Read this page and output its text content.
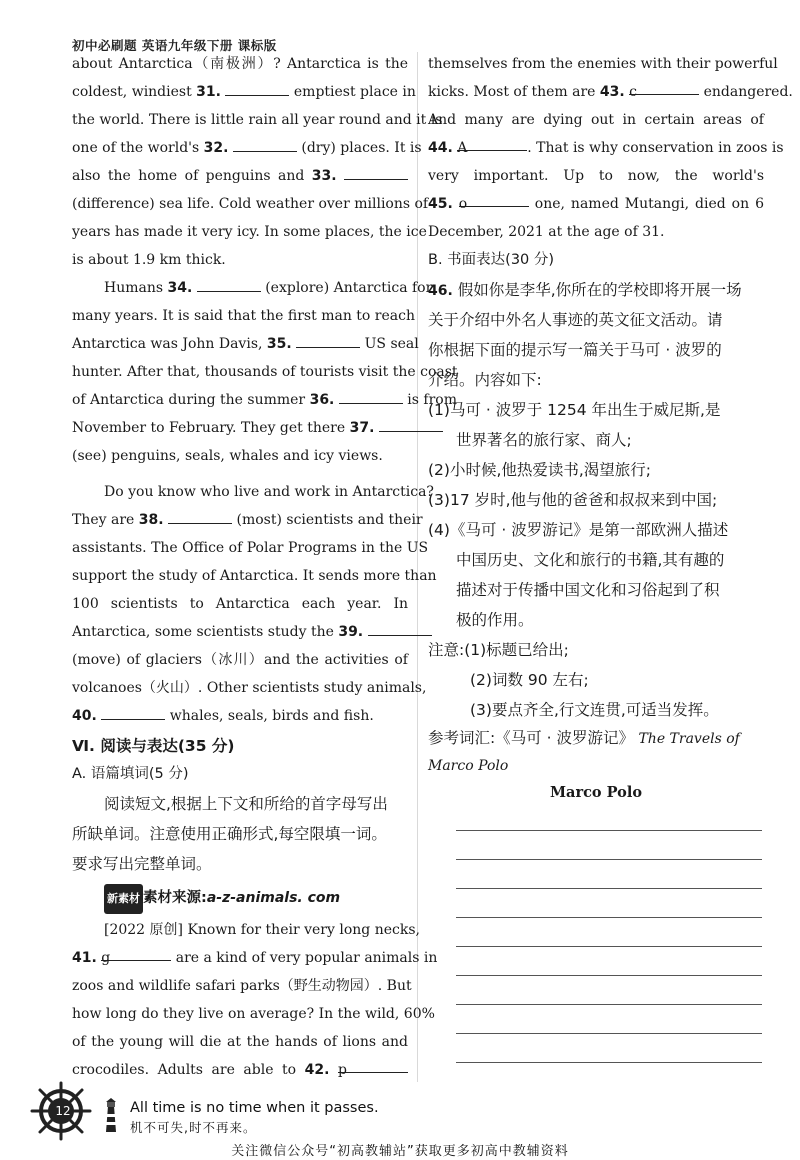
初中必刷题 英语九年级下册 课标版
about Antarctica（南极洲）? Antarctica is the
coldest, windiest 31.	emptiest place in
the world. There is little rain all year round and it is
one of the world's 32.	(dry) places. It is
also the home of penguins and 33.
(difference) sea life. Cold weather over millions of
years has made it very icy. In some places, the ice
is about 1.9 km thick.
Humans 34.	(explore) Antarctica for
many years. It is said that the first man to reach
Antarctica was John Davis, 35.	US seal
hunter. After that, thousands of tourists visit the coast
of Antarctica during the summer 36.	is from
November to February. They get there 37.
(see) penguins, seals, whales and icy views.
Do you know who live and work in Antarctica?
They are 38.	(most) scientists and their
assistants. The Office of Polar Programs in the US
support the study of Antarctica. It sends more than
100 scientists to Antarctica each year. In
Antarctica, some scientists study the 39.
(move) of glaciers（冰川）and the activities of
volcanoes（火山）. Other scientists study animals,
40.	whales, seals, birds and fish.
Ⅵ. 阅读与表达(35 分)
A. 语篇填词(5 分)
阅读短文,根据上下文和所给的首字母写出
所缺单词。注意使用正确形式,每空限填一词。
要求写出完整单词。
新素材 素材来源:a-z-animals. com
[2022 原创] Known for their very long necks,
41. g	are a kind of very popular animals in
zoos and wildlife safari parks（野生动物园）. But
how long do they live on average? In the wild, 60%
of the young will die at the hands of lions and
crocodiles. Adults are able to 42. p
themselves from the enemies with their powerful
kicks. Most of them are 43. c	endangered.
And many are dying out in certain areas of
44. A	. That is why conservation in zoos is
very important. Up to now, the world's
45. o	one, named Mutangi, died on 6
December, 2021 at the age of 31.
B. 书面表达(30 分)
46. 假如你是李华,你所在的学校即将开展一场
关于介绍中外名人事迹的英文征文活动。请
你根据下面的提示写一篇关于马可 · 波罗的
介绍。内容如下:
(1)马可 · 波罗于 1254 年出生于威尼斯,是
世界著名的旅行家、商人;
(2)小时候,他热爱读书,渴望旅行;
(3)17 岁时,他与他的爸爸和叔叔来到中国;
(4)《马可 · 波罗游记》是第一部欧洲人描述
中国历史、文化和旅行的书籍,其有趣的
描述对于传播中国文化和习俗起到了积
极的作用。
注意:(1)标题已给出;
(2)词数 90 左右;
(3)要点齐全,行文连贯,可适当发挥。
参考词汇:《马可 · 波罗游记》 The Travels of
Marco Polo
Marco Polo
12	All time is no time when it passes.
机不可失,时不再来。
关注微信公众号“初高教辅站”获取更多初高中教辅资料
